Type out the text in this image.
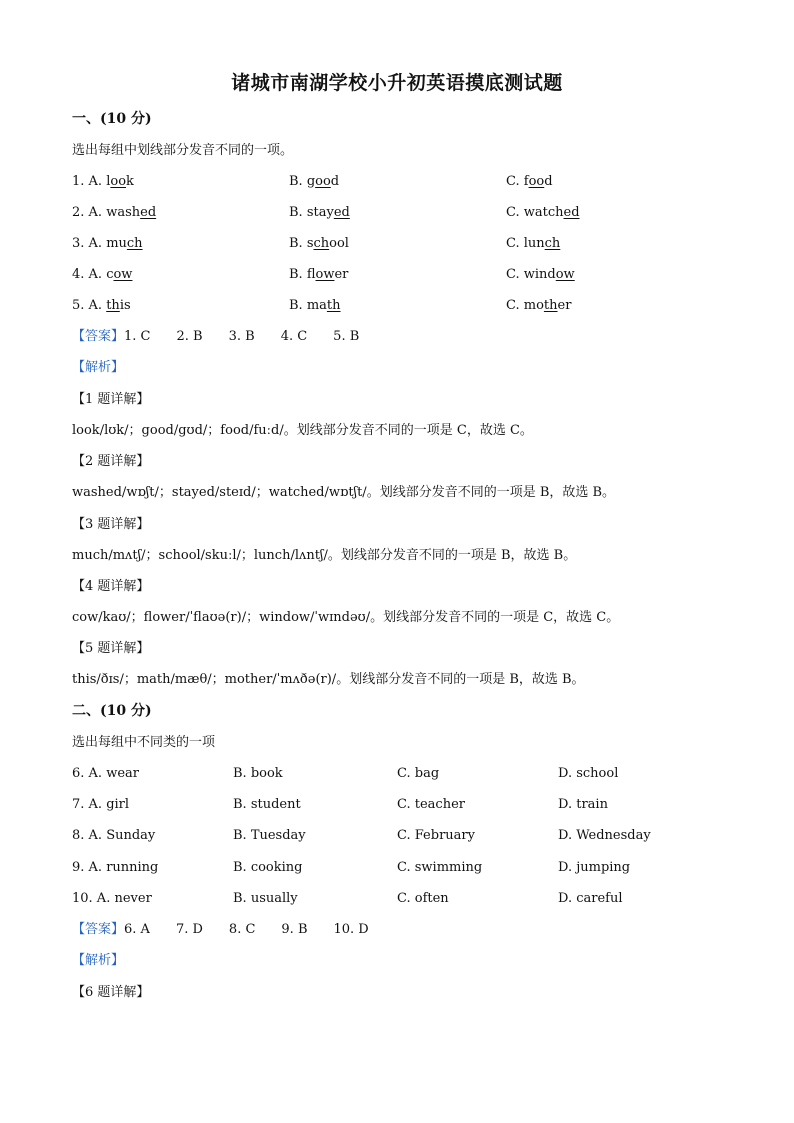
诸城市南湖学校小升初英语摸底测试题
一、(10 分)
选出每组中划线部分发音不同的一项。
1. A. look	B. good	C. food
2. A. washed	B. stayed	C. watched
3. A. much	B. school	C. lunch
4. A. cow	B. flower	C. window
5. A. this	B. math	C. mother
【答案】1. C 2. B 3. B 4. C 5. B
【解析】
【1 题详解】
look/lʊk/；good/gʊd/；food/fuːd/。划线部分发音不同的一项是 C，故选 C。
【2 题详解】
washed/wɒʃt/；stayed/steɪd/；watched/wɒtʃt/。划线部分发音不同的一项是 B，故选 B。
【3 题详解】
much/mʌtʃ/；school/skuːl/；lunch/lʌntʃ/。划线部分发音不同的一项是 B，故选 B。
【4 题详解】
cow/kaʊ/；flower/ˈflaʊə(r)/；window/ˈwɪndəʊ/。划线部分发音不同的一项是 C，故选 C。
【5 题详解】
this/ðɪs/；math/mæθ/；mother/ˈmʌðə(r)/。划线部分发音不同的一项是 B，故选 B。
二、(10 分)
选出每组中不同类的一项
6. A. wear	B. book	C. bag	D. school
7. A. girl	B. student	C. teacher	D. train
8. A. Sunday	B. Tuesday	C. February	D. Wednesday
9. A. running	B. cooking	C. swimming	D. jumping
10. A. never	B. usually	C. often	D. careful
【答案】6. A 7. D 8. C 9. B 10. D
【解析】
【6 题详解】
